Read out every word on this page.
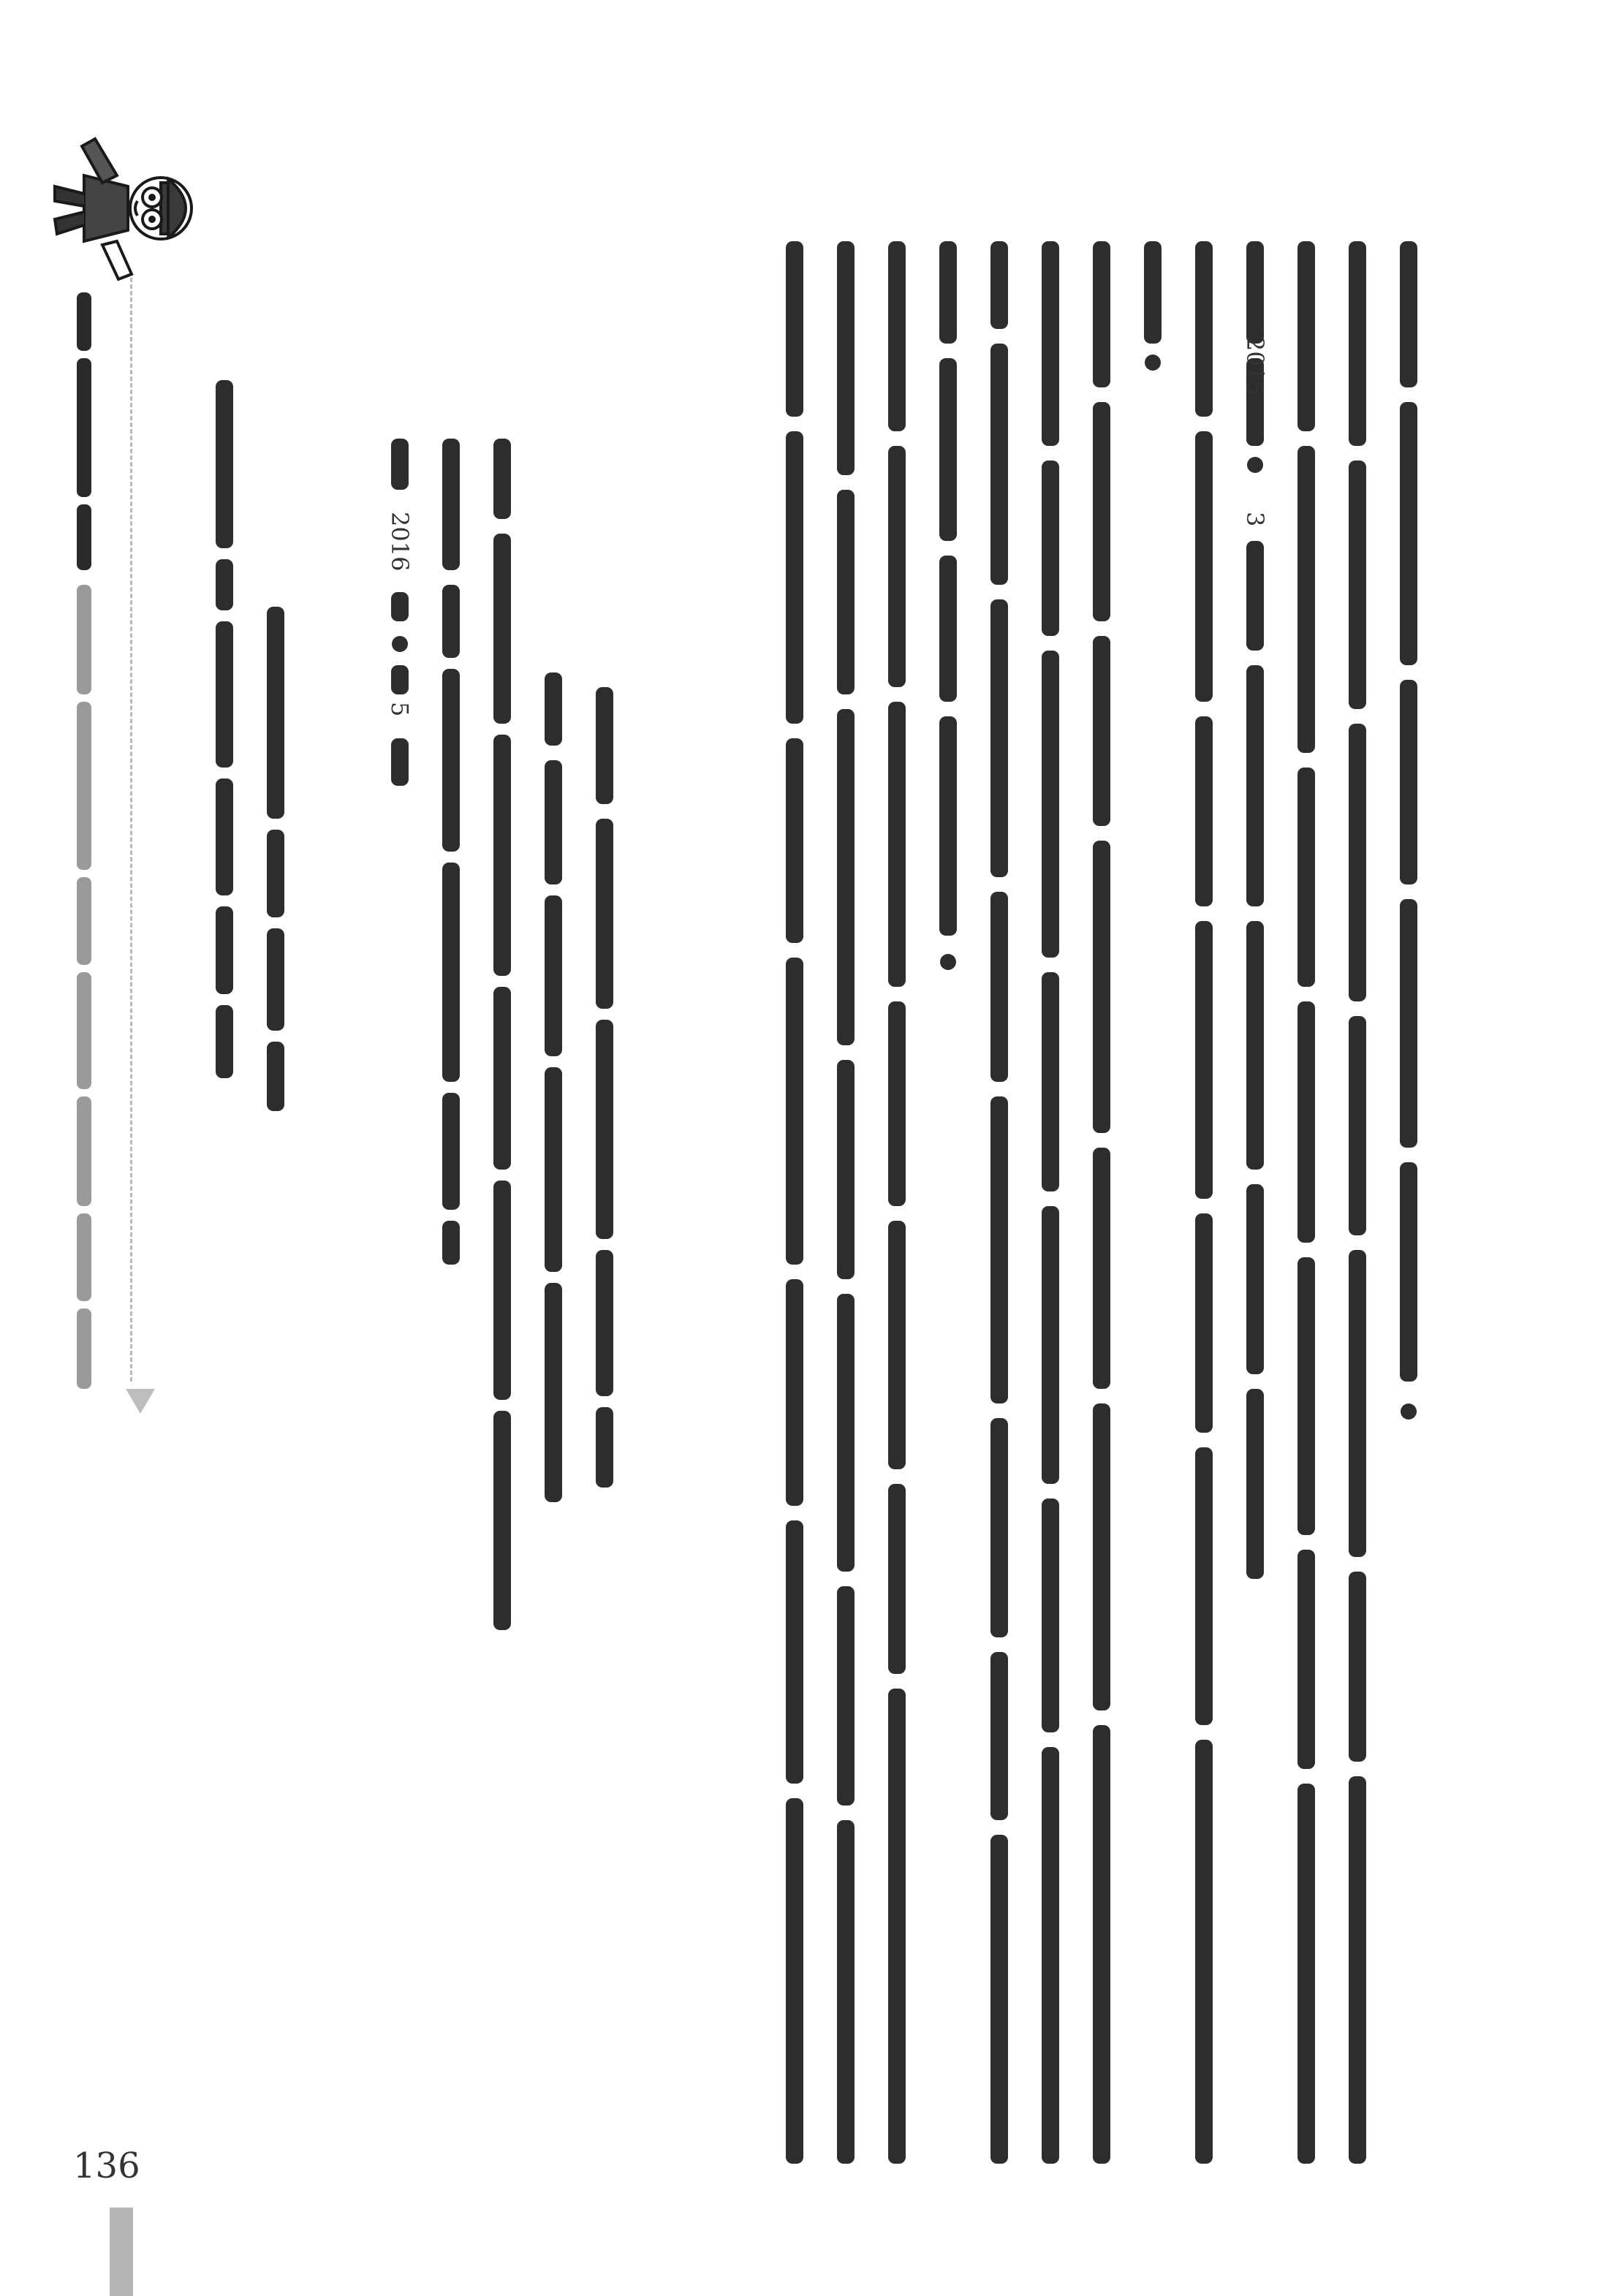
2016
5
2015
3
136
